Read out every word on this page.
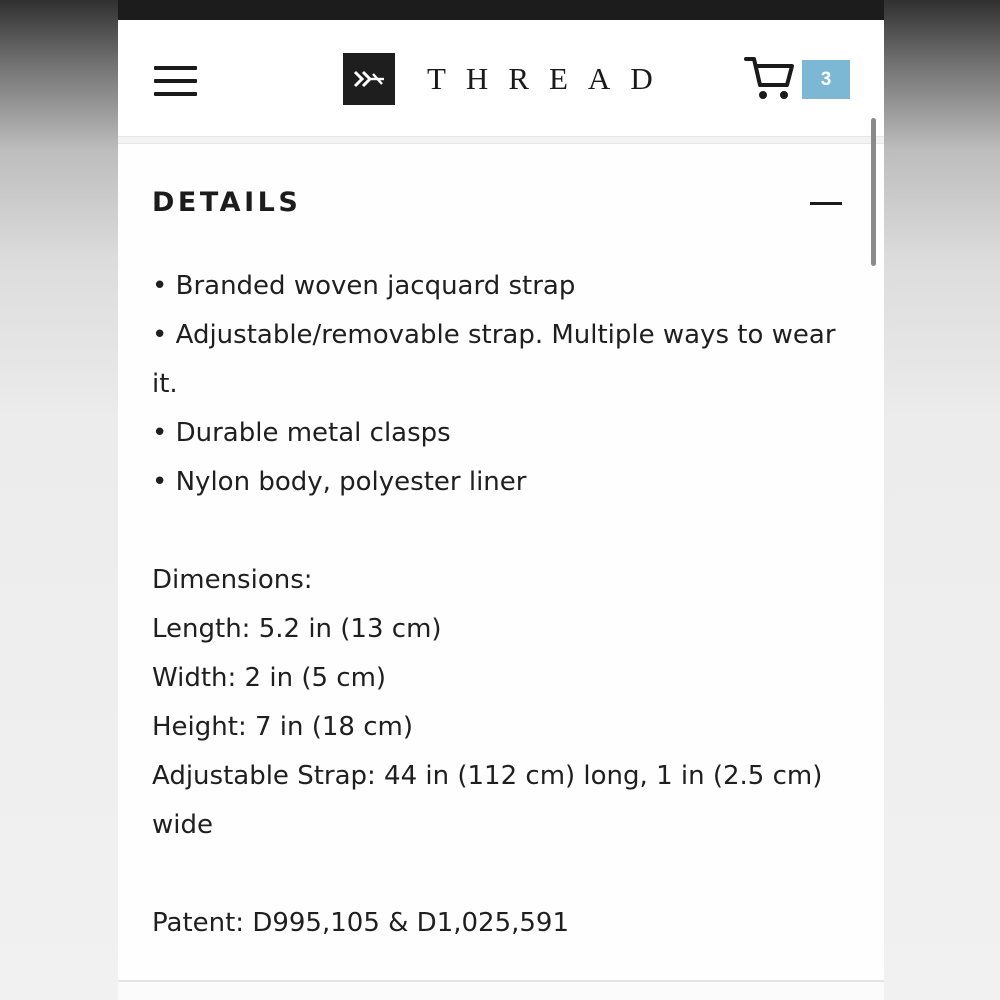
THREAD	3
DETAILS

• Branded woven jacquard strap

• Adjustable/removable strap. Multiple ways to wear it.

• Durable metal clasps

• Nylon body, polyester liner

Dimensions:

Length: 5.2 in (13 cm)

Width: 2 in (5 cm)

Height: 7 in (18 cm)

Adjustable Strap: 44 in (112 cm) long, 1 in (2.5 cm) wide

Patent: D995,105 & D1,025,591
